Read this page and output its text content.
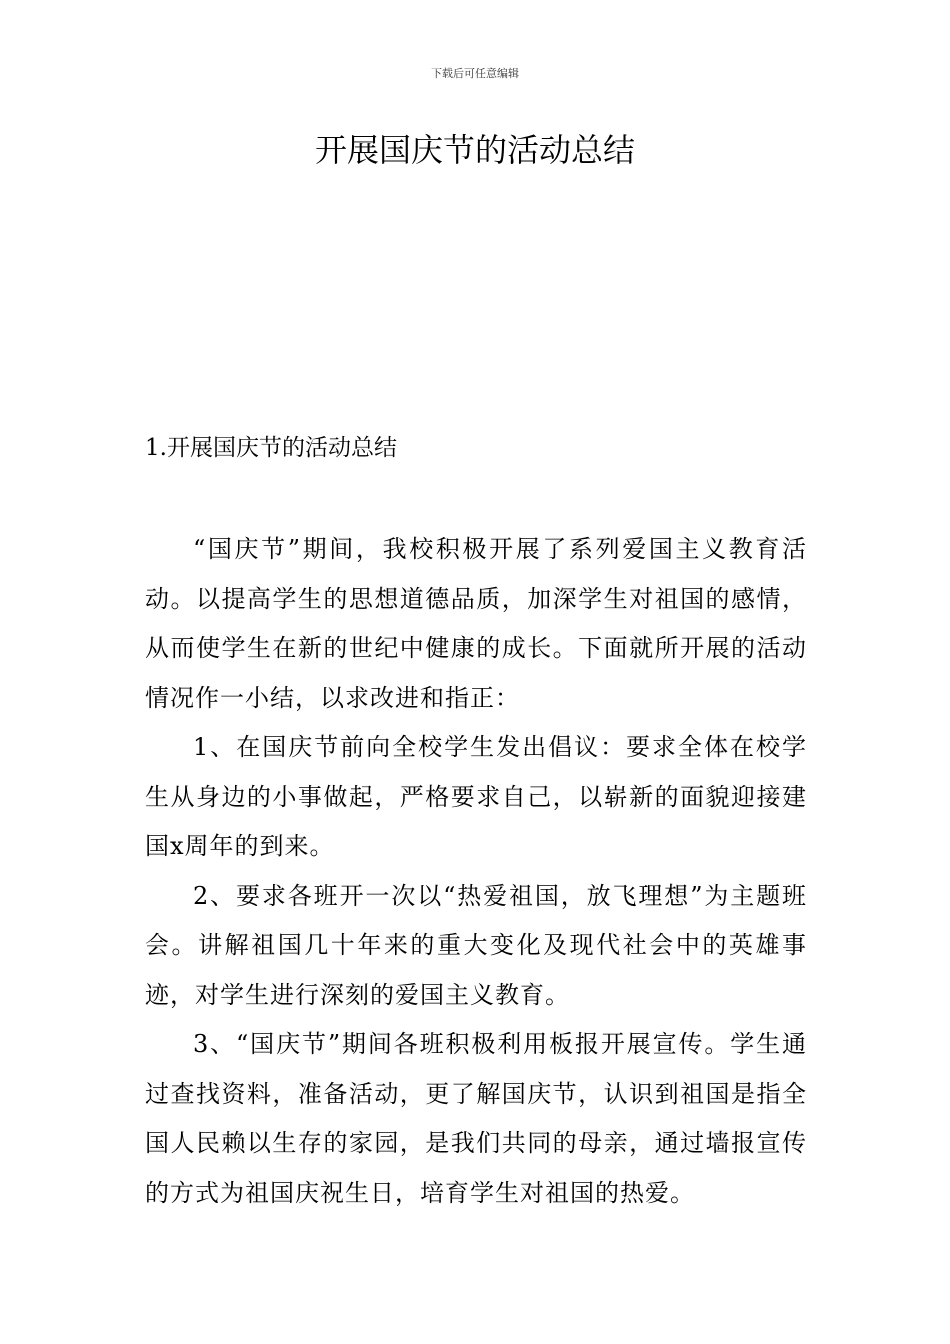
下载后可任意编辑
开展国庆节的活动总结
1.开展国庆节的活动总结

“国庆节”期间，我校积极开展了系列爱国主义教育活动。以提高学生的思想道德品质，加深学生对祖国的感情，从而使学生在新的世纪中健康的成长。下面就所开展的活动情况作一小结，以求改进和指正：

1、在国庆节前向全校学生发出倡议：要求全体在校学生从身边的小事做起，严格要求自己，以崭新的面貌迎接建国x周年的到来。

2、要求各班开一次以“热爱祖国，放飞理想”为主题班会。讲解祖国几十年来的重大变化及现代社会中的英雄事迹，对学生进行深刻的爱国主义教育。

3、“国庆节”期间各班积极利用板报开展宣传。学生通过查找资料，准备活动，更了解国庆节，认识到祖国是指全国人民赖以生存的家园，是我们共同的母亲，通过墙报宣传的方式为祖国庆祝生日，培育学生对祖国的热爱。
